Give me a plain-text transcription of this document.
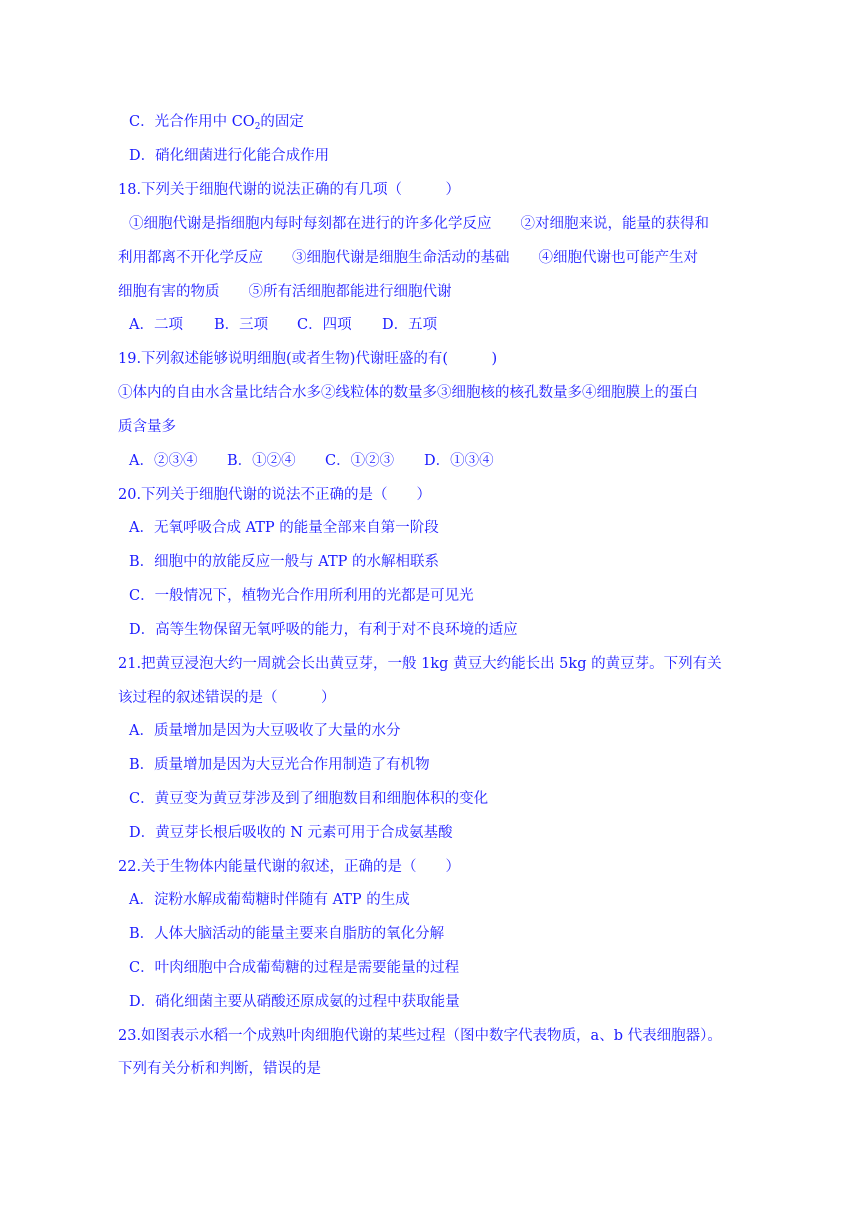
C．光合作用中 $CO_2$的固定
D．硝化细菌进行化能合成作用
18.下列关于细胞代谢的说法正确的有几项（　　　）
①细胞代谢是指细胞内每时每刻都在进行的许多化学反应　　②对细胞来说，能量的获得和
利用都离不开化学反应　　③细胞代谢是细胞生命活动的基础　　④细胞代谢也可能产生对
细胞有害的物质　　⑤所有活细胞都能进行细胞代谢
A．二项 B．三项 C．四项 D．五项
19.下列叙述能够说明细胞(或者生物)代谢旺盛的有(　　　)
①体内的自由水含量比结合水多②线粒体的数量多③细胞核的核孔数量多④细胞膜上的蛋白
质含量多
A．②③④ B．①②④ C．①②③ D．①③④
20.下列关于细胞代谢的说法不正确的是（　　）
A．无氧呼吸合成 ATP 的能量全部来自第一阶段
B．细胞中的放能反应一般与 ATP 的水解相联系
C．一般情况下，植物光合作用所利用的光都是可见光
D．高等生物保留无氧呼吸的能力，有利于对不良环境的适应
21.把黄豆浸泡大约一周就会长出黄豆芽，一般 1kg 黄豆大约能长出 5kg 的黄豆芽。下列有关
该过程的叙述错误的是（　　　）
A．质量增加是因为大豆吸收了大量的水分
B．质量增加是因为大豆光合作用制造了有机物
C．黄豆变为黄豆芽涉及到了细胞数目和细胞体积的变化
D．黄豆芽长根后吸收的 N 元素可用于合成氨基酸
22.关于生物体内能量代谢的叙述，正确的是（　　）
A．淀粉水解成葡萄糖时伴随有 ATP 的生成
B．人体大脑活动的能量主要来自脂肪的氧化分解
C．叶肉细胞中合成葡萄糖的过程是需要能量的过程
D．硝化细菌主要从硝酸还原成氨的过程中获取能量
23.如图表示水稻一个成熟叶肉细胞代谢的某些过程（图中数字代表物质，a、b 代表细胞器）。
下列有关分析和判断，错误的是
